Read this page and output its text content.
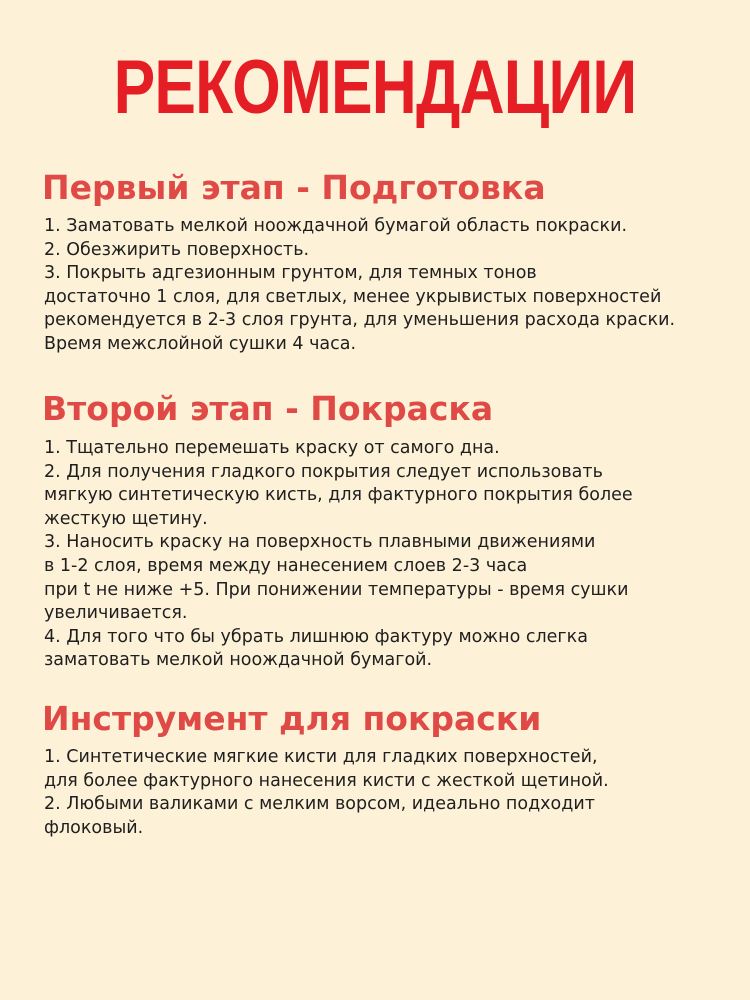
РЕКОМЕНДАЦИИ
Первый этап - Подготовка
1. Заматовать мелкой ноождачной бумагой область покраски.
2. Обезжирить поверхность.
3. Покрыть адгезионным грунтом, для темных тонов
достаточно 1 слоя, для светлых, менее укрывистых поверхностей
рекомендуется в 2-3 слоя грунта, для уменьшения расхода краски.
Время межслойной сушки 4 часа.
Второй этап - Покраска
1. Тщательно перемешать краску от самого дна.
2. Для получения гладкого покрытия следует использовать
мягкую синтетическую кисть, для фактурного покрытия более
жесткую щетину.
3. Наносить краску на поверхность плавными движениями
в 1-2 слоя, время между нанесением слоев 2-3 часа
при t не ниже +5. При понижении температуры - время сушки
увеличивается.
4. Для того что бы убрать лишнюю фактуру можно слегка
заматовать мелкой ноождачной бумагой.
Инструмент для покраски
1. Синтетические мягкие кисти для гладких поверхностей,
для более фактурного нанесения кисти с жесткой щетиной.
2. Любыми валиками с мелким ворсом, идеально подходит
флоковый.
